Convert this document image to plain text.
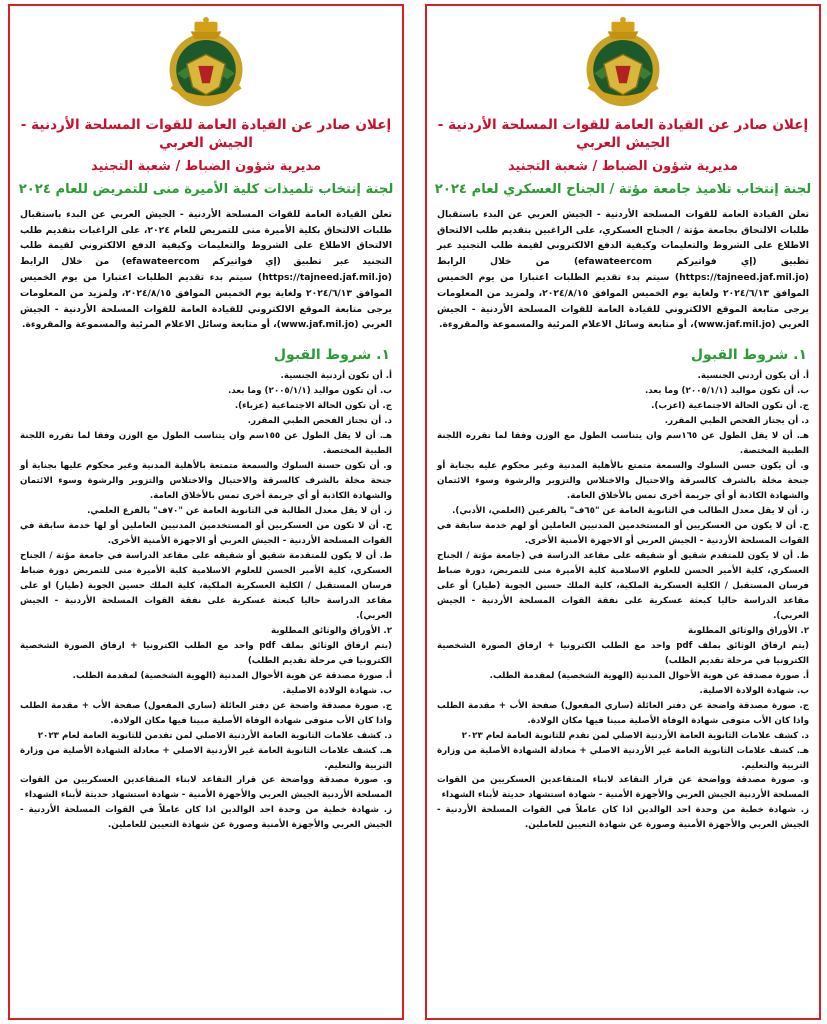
إعلان صادر عن القيادة العامة للقوات المسلحة الأردنية - الجيش العربي
مديرية شؤون الضباط / شعبة التجنيد
لجنة إنتخاب تلاميذ جامعة مؤتة / الجناح العسكري لعام ٢٠٢٤
تعلن القيادة العامة للقوات المسلحة الأردنية - الجيش العربي عن البدء باستقبال طلبات الالتحاق بجامعة مؤتة / الجناح العسكري، على الراغبين بتقديم طلب الالتحاق الاطلاع على الشروط والتعليمات وكيفية الدفع الالكتروني لقيمة طلب التجنيد عبر تطبيق (إي فواتيركم efawateercom) من خلال الرابط (https://tajneed.jaf.mil.jo) سيتم بدء تقديم الطلبات اعتبارا من يوم الخميس الموافق ٢٠٢٤/٦/١٣ ولغاية يوم الخميس الموافق ٢٠٢٤/٨/١٥، ولمزيد من المعلومات يرجى متابعة الموقع الالكتروني للقيادة العامة للقوات المسلحة الأردنية - الجيش العربي (www.jaf.mil.jo)، أو متابعة وسائل الاعلام المرئية والمسموعة والمقروءة.
١. شروط القبول
أ. أن يكون أردني الجنسية.
ب. أن تكون مواليد (٢٠٠٥/١/١) وما بعد.
ج. أن تكون الحالة الاجتماعية (اعزب).
د. أن يجتاز الفحص الطبي المقرر.
هـ. أن لا يقل الطول عن ١٦٥سم وان يتناسب الطول مع الوزن وفقا لما تقرره اللجنة الطبية المختصة.
و. أن يكون حسن السلوك والسمعة متمتع بالأهلية المدنية وغير محكوم عليه بجناية أو جنحة مخلة بالشرف كالسرقة والاحتيال والاختلاس والتزوير والرشوة وسوء الائتمان والشهادة الكاذبة أو أي جريمة أخرى تمس بالأخلاق العامة.
ز. أن لا يقل معدل الطالب في الثانوية العامة عن "٦٥ف" بالفرعين (العلمي، الأدبي).
ح. أن لا يكون من العسكريين أو المستخدمين المدنيين العاملين أو لهم خدمة سابقة في القوات المسلحة الأردنية - الجيش العربي أو الاجهزة الأمنية الأخرى.
ط. أن لا يكون للمتقدم شقيق أو شقيقه على مقاعد الدراسة في (جامعة مؤتة / الجناح العسكري، كلية الأمير الحسن للعلوم الاسلامية كلية الأميرة منى للتمريض، دورة ضباط فرسان المستقبل / الكلية العسكرية الملكية، كلية الملك حسين الجوية (طيار) أو على مقاعد الدراسة حاليا كبعثة عسكرية على نفقة القوات المسلحة الأردنية - الجيش العربي).
٢. الأوراق والوثائق المطلوبة
(يتم ارفاق الوثائق بملف pdf واحد مع الطلب الكترونيا + ارفاق الصورة الشخصية الكترونيا في مرحلة تقديم الطلب)
أ. صورة مصدقة عن هوية الأحوال المدنية (الهوية الشخصية) لمقدمة الطلب.
ب. شهادة الولادة الاصلية.
ج. صورة مصدقة واضحة عن دفتر العائلة (ساري المفعول) صفحة الأب + مقدمة الطلب واذا كان الأب متوفى شهادة الوفاة الأصلية مبينا فيها مكان الولادة.
د. كشف علامات الثانوية العامة الأردنية الاصلي لمن تقدم للثانوية العامة لعام ٢٠٢٣
هـ. كشف علامات الثانوية العامة غير الأردنية الاصلي + معادلة الشهادة الأصلية من وزارة التربية والتعليم.
و. صورة مصدقة وواضحة عن قرار التقاعد لابناء المتقاعدين العسكريين من القوات المسلحة الأردنية الجيش العربي والأجهزة الأمنية - شهادة استشهاد حديثة لأبناء الشهداء
ز. شهادة خطية من وحدة احد الوالدين اذا كان عاملاً في القوات المسلحة الأردنية - الجيش العربي والأجهزة الأمنية وصورة عن شهادة التعيين للعاملين.
إعلان صادر عن القيادة العامة للقوات المسلحة الأردنية - الجيش العربي
مديرية شؤون الضباط / شعبة التجنيد
لجنة إنتخاب تلميذات كلية الأميرة منى للتمريض للعام ٢٠٢٤
تعلن القيادة العامة للقوات المسلحة الأردنية - الجيش العربي عن البدء باستقبال طلبات الالتحاق بكلية الأميرة منى للتمريض للعام ٢٠٢٤، على الراغبات بتقديم طلب الالتحاق الاطلاع على الشروط والتعليمات وكيفية الدفع الالكتروني لقيمة طلب التجنيد عبر تطبيق (إي فواتيركم efawateercom) من خلال الرابط (https://tajneed.jaf.mil.jo) سيتم بدء تقديم الطلبات اعتبارا من يوم الخميس الموافق ٢٠٢٤/٦/١٣ ولغاية يوم الخميس الموافق ٢٠٢٤/٨/١٥، ولمزيد من المعلومات يرجى متابعة الموقع الالكتروني للقيادة العامة للقوات المسلحة الأردنية - الجيش العربي (www.jaf.mil.jo)، أو متابعة وسائل الاعلام المرئية والمسموعة والمقروءة.
١. شروط القبول
أ. أن تكون أردنية الجنسية.
ب. أن تكون مواليد (٢٠٠٥/١/١) وما بعد.
ج. أن تكون الحالة الاجتماعية (عزباء).
د. أن تجتاز الفحص الطبي المقرر.
هـ. أن لا يقل الطول عن ١٥٥سم وان يتناسب الطول مع الوزن وفقا لما تقرره اللجنة الطبية المختصة.
و. أن تكون حسنة السلوك والسمعة متمتعة بالأهلية المدنية وغير محكوم عليها بجناية أو جنحة مخلة بالشرف كالسرقة والاحتيال والاختلاس والتزوير والرشوة وسوء الائتمان والشهادة الكاذبة أو أي جريمة أخرى تمس بالأخلاق العامة.
ز. أن لا يقل معدل الطالبة في الثانوية العامة عن "٧٠ف" بالفرع العلمي.
ح. أن لا تكون من العسكريين أو المستخدمين المدنيين العاملين أو لها خدمة سابقة في القوات المسلحة الأردنية - الجيش العربي أو الاجهزة الأمنية الأخرى.
ط. أن لا يكون للمتقدمة شقيق أو شقيقه على مقاعد الدراسة في جامعة مؤتة / الجناح العسكري، كلية الأمير الحسن للعلوم الاسلامية كلية الأميرة منى للتمريض دورة ضباط فرسان المستقبل / الكلية العسكرية الملكية، كلية الملك حسين الجوية (طيار) او على مقاعد الدراسة حاليا كبعثة عسكرية على نفقة القوات المسلحة الأردنية - الجيش العربي).
٢. الأوراق والوثائق المطلوبة
(يتم ارفاق الوثائق بملف pdf واحد مع الطلب الكترونيا + ارفاق الصورة الشخصية الكترونيا في مرحلة تقديم الطلب)
أ. صورة مصدقة عن هوية الأحوال المدنية (الهوية الشخصية) لمقدمة الطلب.
ب. شهادة الولادة الاصلية.
ج. صورة مصدقة واضحة عن دفتر العائلة (ساري المفعول) صفحة الأب + مقدمة الطلب واذا كان الأب متوفى شهادة الوفاة الأصلية مبينا فيها مكان الولادة.
د. كشف علامات الثانوية العامة الأردنية الاصلي لمن تقدمن للثانوية العامة لعام ٢٠٢٣
هـ. كشف علامات الثانوية العامة غير الأردنية الاصلي + معادلة الشهادة الأصلية من وزارة التربية والتعليم.
و. صورة مصدقة وواضحة عن قرار التقاعد لابناء المتقاعدين العسكريين من القوات المسلحة الأردنية الجيش العربي والأجهزة الأمنية - شهادة استشهاد حديثة لأبناء الشهداء
ز. شهادة خطية من وحدة احد الوالدين اذا كان عاملاً في القوات المسلحة الأردنية - الجيش العربي والأجهزة الأمنية وصورة عن شهادة التعيين للعاملين.
